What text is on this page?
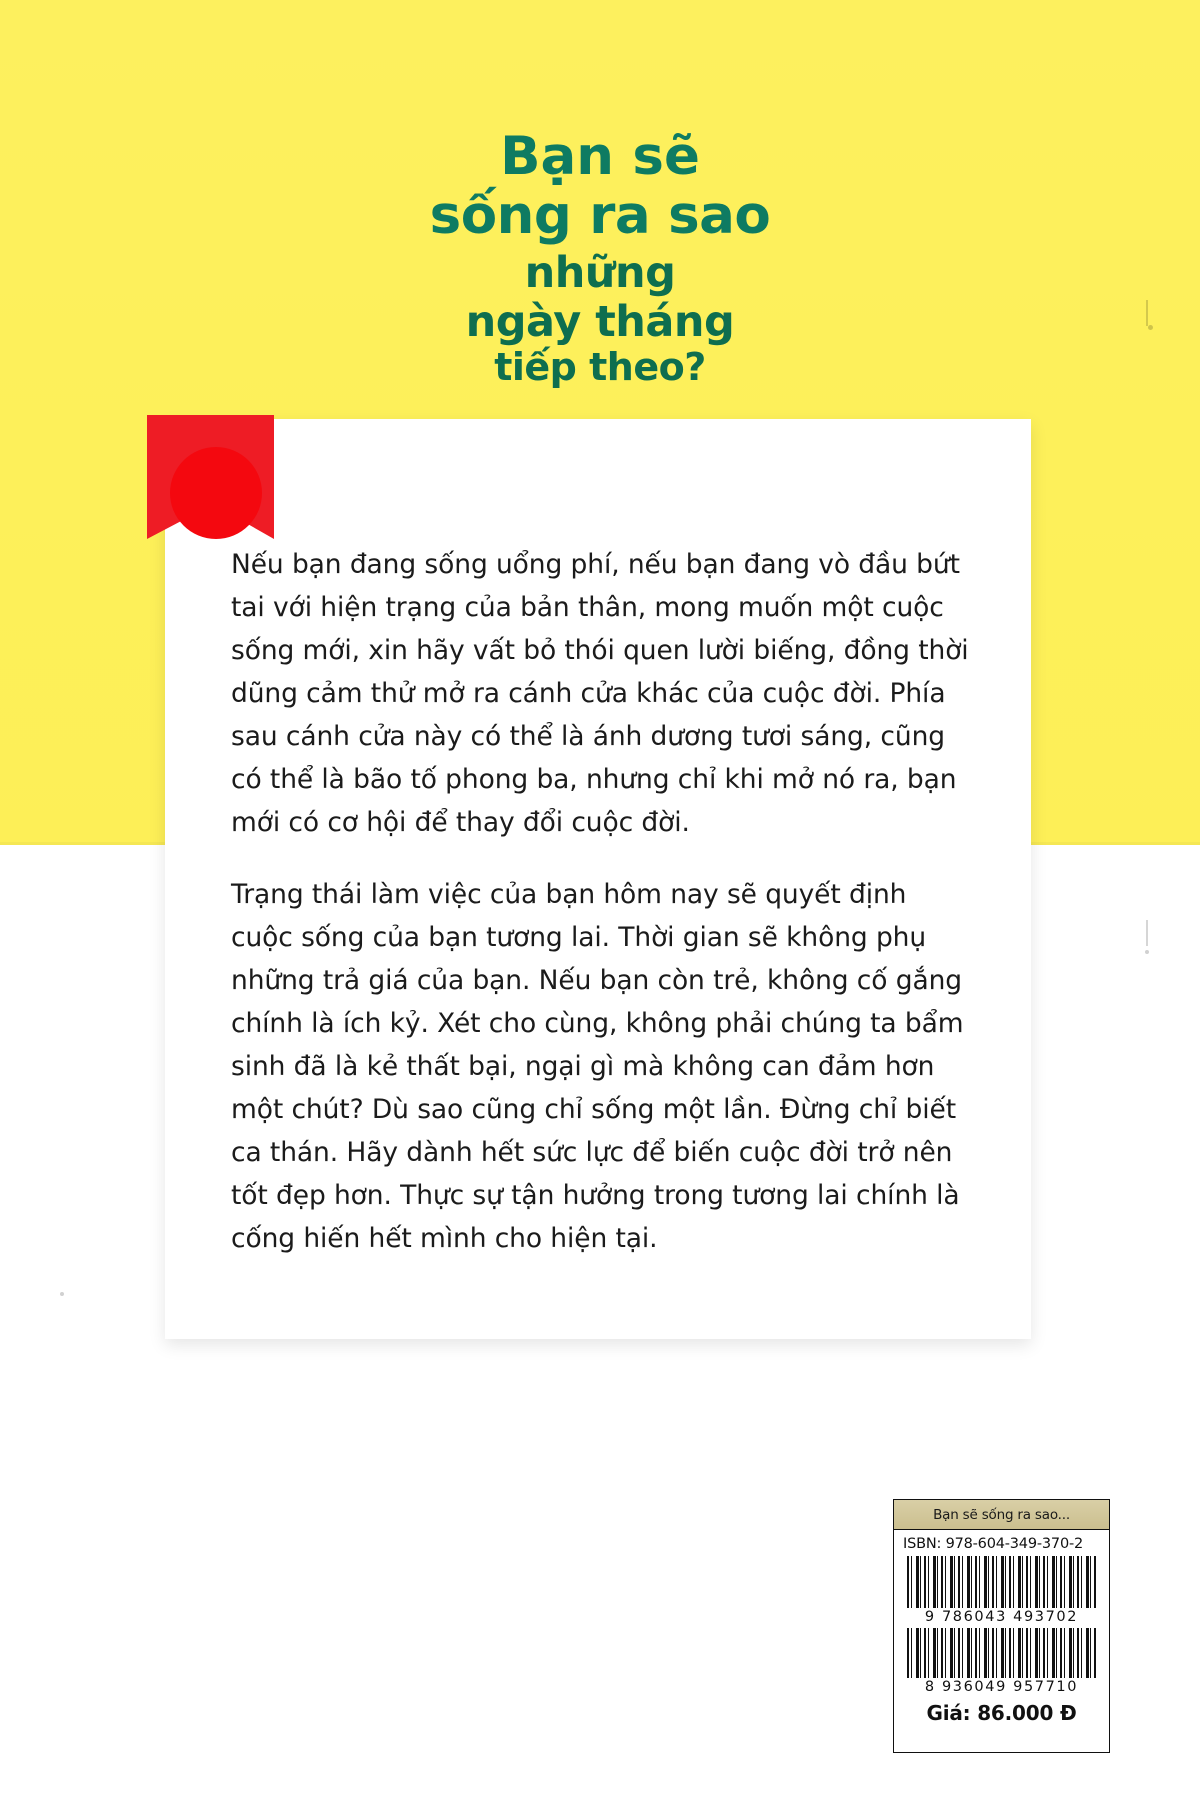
Bạn sẽ
sống ra sao
những
ngày tháng
tiếp theo?

Nếu bạn đang sống uổng phí, nếu bạn đang vò đầu bứt tai với hiện trạng của bản thân, mong muốn một cuộc sống mới, xin hãy vất bỏ thói quen lười biếng, đồng thời dũng cảm thử mở ra cánh cửa khác của cuộc đời. Phía sau cánh cửa này có thể là ánh dương tươi sáng, cũng có thể là bão tố phong ba, nhưng chỉ khi mở nó ra, bạn mới có cơ hội để thay đổi cuộc đời.

Trạng thái làm việc của bạn hôm nay sẽ quyết định cuộc sống của bạn tương lai. Thời gian sẽ không phụ những trả giá của bạn. Nếu bạn còn trẻ, không cố gắng chính là ích kỷ. Xét cho cùng, không phải chúng ta bẩm sinh đã là kẻ thất bại, ngại gì mà không can đảm hơn một chút? Dù sao cũng chỉ sống một lần. Đừng chỉ biết ca thán. Hãy dành hết sức lực để biến cuộc đời trở nên tốt đẹp hơn. Thực sự tận hưởng trong tương lai chính là cống hiến hết mình cho hiện tại.

Bạn sẽ sống ra sao...
ISBN: 978-604-349-370-2
9 786043 493702
8 936049 957710
Giá: 86.000 Đ
